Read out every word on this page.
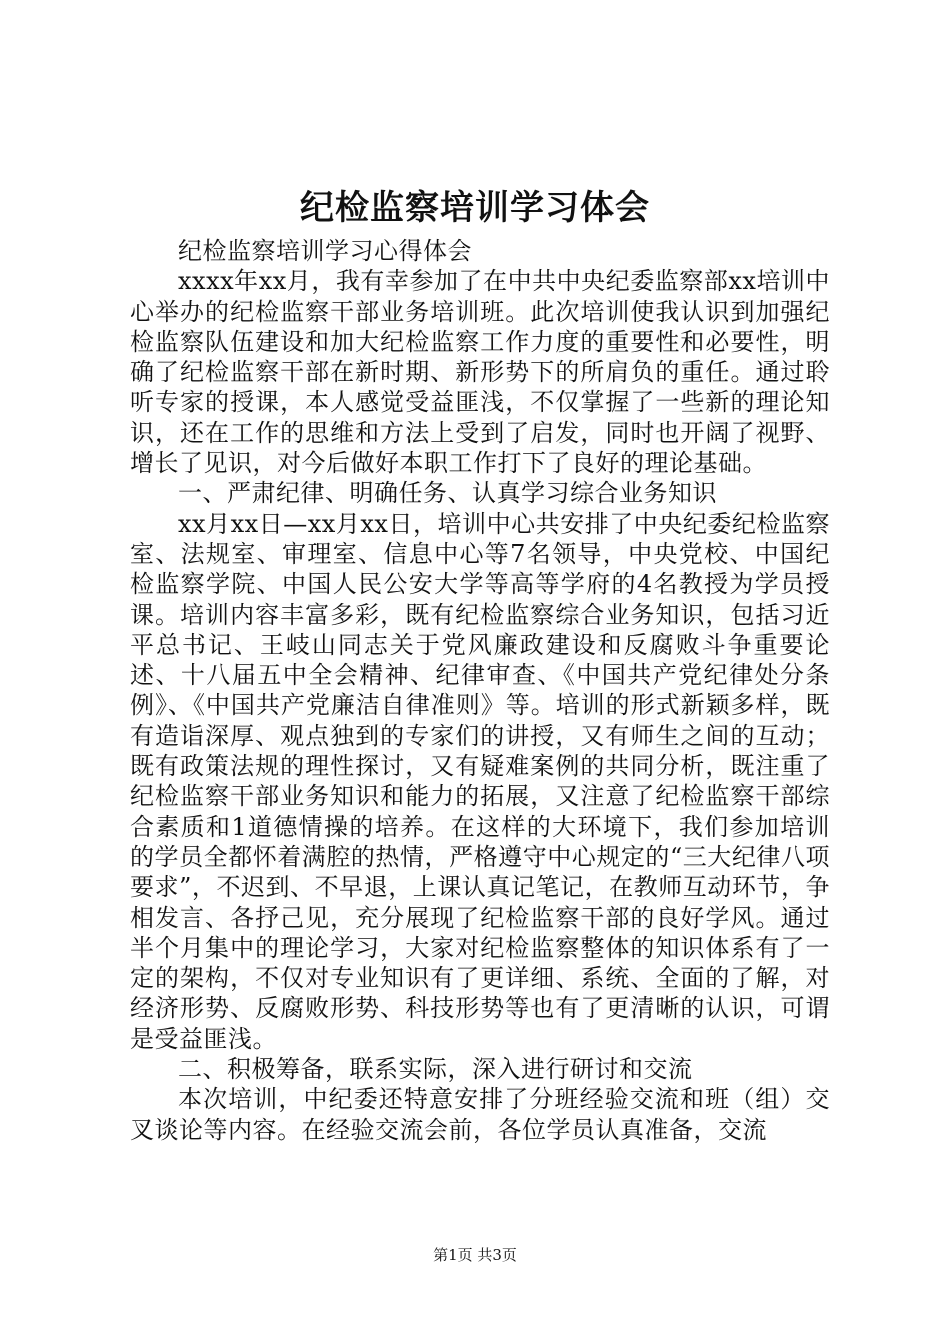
纪检监察培训学习体会

纪检监察培训学习心得体会

xxxx年xx月，我有幸参加了在中共中央纪委监察部xx培训中心举办的纪检监察干部业务培训班。此次培训使我认识到加强纪检监察队伍建设和加大纪检监察工作力度的重要性和必要性，明确了纪检监察干部在新时期、新形势下的所肩负的重任。通过聆听专家的授课，本人感觉受益匪浅，不仅掌握了一些新的理论知识，还在工作的思维和方法上受到了启发，同时也开阔了视野、增长了见识，对今后做好本职工作打下了良好的理论基础。

一、严肃纪律、明确任务、认真学习综合业务知识

xx月xx日—xx月xx日，培训中心共安排了中央纪委纪检监察室、法规室、审理室、信息中心等7名领导，中央党校、中国纪检监察学院、中国人民公安大学等高等学府的4名教授为学员授课。培训内容丰富多彩，既有纪检监察综合业务知识，包括习近平总书记、王岐山同志关于党风廉政建设和反腐败斗争重要论述、十八届五中全会精神、纪律审查、《中国共产党纪律处分条例》、《中国共产党廉洁自律准则》等。培训的形式新颖多样，既有造诣深厚、观点独到的专家们的讲授，又有师生之间的互动；既有政策法规的理性探讨，又有疑难案例的共同分析，既注重了纪检监察干部业务知识和能力的拓展，又注意了纪检监察干部综合素质和1道德情操的培养。在这样的大环境下，我们参加培训的学员全都怀着满腔的热情，严格遵守中心规定的“三大纪律八项要求”，不迟到、不早退，上课认真记笔记，在教师互动环节，争相发言、各抒己见，充分展现了纪检监察干部的良好学风。通过半个月集中的理论学习，大家对纪检监察整体的知识体系有了一定的架构，不仅对专业知识有了更详细、系统、全面的了解，对经济形势、反腐败形势、科技形势等也有了更清晰的认识，可谓是受益匪浅。

二、积极筹备，联系实际，深入进行研讨和交流

本次培训，中纪委还特意安排了分班经验交流和班（组）交叉谈论等内容。在经验交流会前，各位学员认真准备，交流

第1页 共3页
